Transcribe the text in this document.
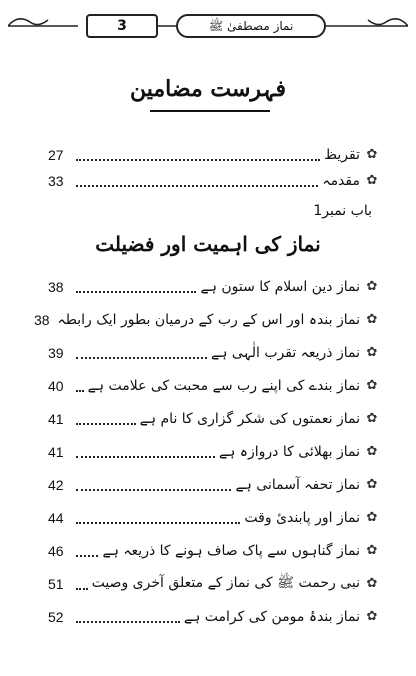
3	نماز مصطفیٰ ﷺ
فہرست مضامین
✿
تقریظ
27
✿
مقدمہ
33
باب نمبر1
نماز کی اہمیت اور فضیلت
✿
نماز دین اسلام کا ستون ہے
38
✿
نماز بندہ اور اس کے رب کے درمیان بطور ایک رابطہ
38
✿
نماز ذریعہ تقرب الٰہی ہے
39
✿
نماز بندے کی اپنے رب سے محبت کی علامت ہے
40
✿
نماز نعمتوں کی شکر گزاری کا نام ہے
41
✿
نماز بھلائی کا دروازہ ہے
41
✿
نماز تحفہ آسمانی ہے
42
✿
نماز اور پابندیٔ وقت
44
✿
نماز گناہوں سے پاک صاف ہونے کا ذریعہ ہے
46
✿
نبی رحمت ﷺ کی نماز کے متعلق آخری وصیت
51
✿
نماز بندۂ مومن کی کرامت ہے
52
